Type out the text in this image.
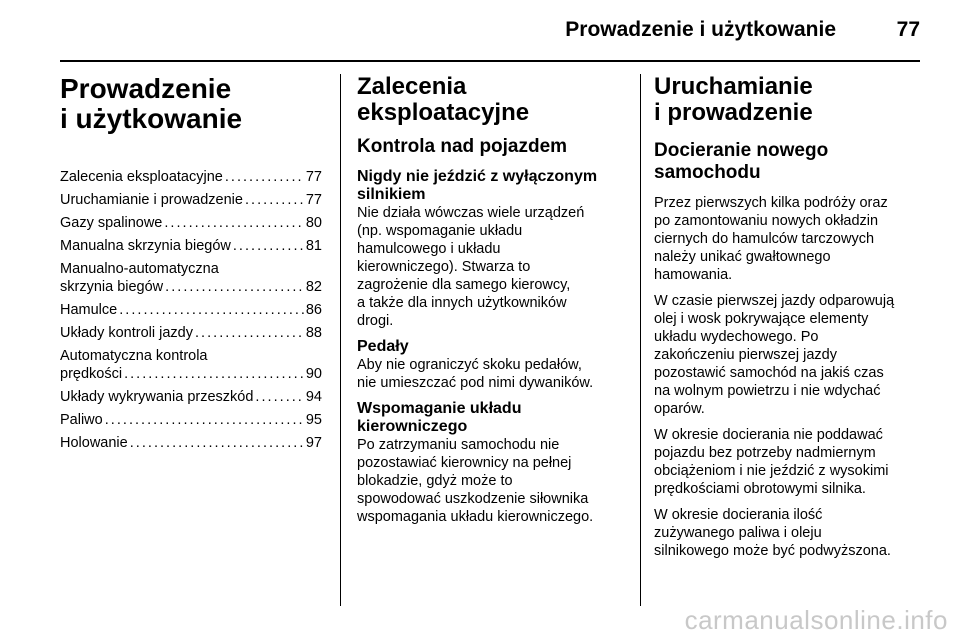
Prowadzenie i użytkowanie	77
Prowadzenie
i użytkowanie
Zalecenia eksploatacyjne . . .	77
Uruchamianie i prowadzenie . . .	77
Gazy spalinowe . . .	80
Manualna skrzynia biegów . . .	81
Manualno-automatyczna
skrzynia biegów . . .	82
Hamulce . . .	86
Układy kontroli jazdy . . .	88
Automatyczna kontrola
prędkości . . .	90
Układy wykrywania przeszkód . . .	94
Paliwo . . .	95
Holowanie . . .	97
Zalecenia eksploatacyjne
Kontrola nad pojazdem
Nigdy nie jeździć z wyłączonym
silnikiem
Nie działa wówczas wiele urządzeń
(np. wspomaganie układu
hamulcowego i układu
kierowniczego). Stwarza to
zagrożenie dla samego kierowcy,
a także dla innych użytkowników
drogi.
Pedały
Aby nie ograniczyć skoku pedałów,
nie umieszczać pod nimi dywaników.
Wspomaganie układu
kierowniczego
Po zatrzymaniu samochodu nie
pozostawiać kierownicy na pełnej
blokadzie, gdyż może to
spowodować uszkodzenie siłownika
wspomagania układu kierowniczego.
Uruchamianie
i prowadzenie
Docieranie nowego
samochodu
Przez pierwszych kilka podróży oraz
po zamontowaniu nowych okładzin
ciernych do hamulców tarczowych
należy unikać gwałtownego
hamowania.
W czasie pierwszej jazdy odparowują
olej i wosk pokrywające elementy
układu wydechowego. Po
zakończeniu pierwszej jazdy
pozostawić samochód na jakiś czas
na wolnym powietrzu i nie wdychać
oparów.
W okresie docierania nie poddawać
pojazdu bez potrzeby nadmiernym
obciążeniom i nie jeździć z wysokimi
prędkościami obrotowymi silnika.
W okresie docierania ilość
zużywanego paliwa i oleju
silnikowego może być podwyższona.
carmanualsonline.info
